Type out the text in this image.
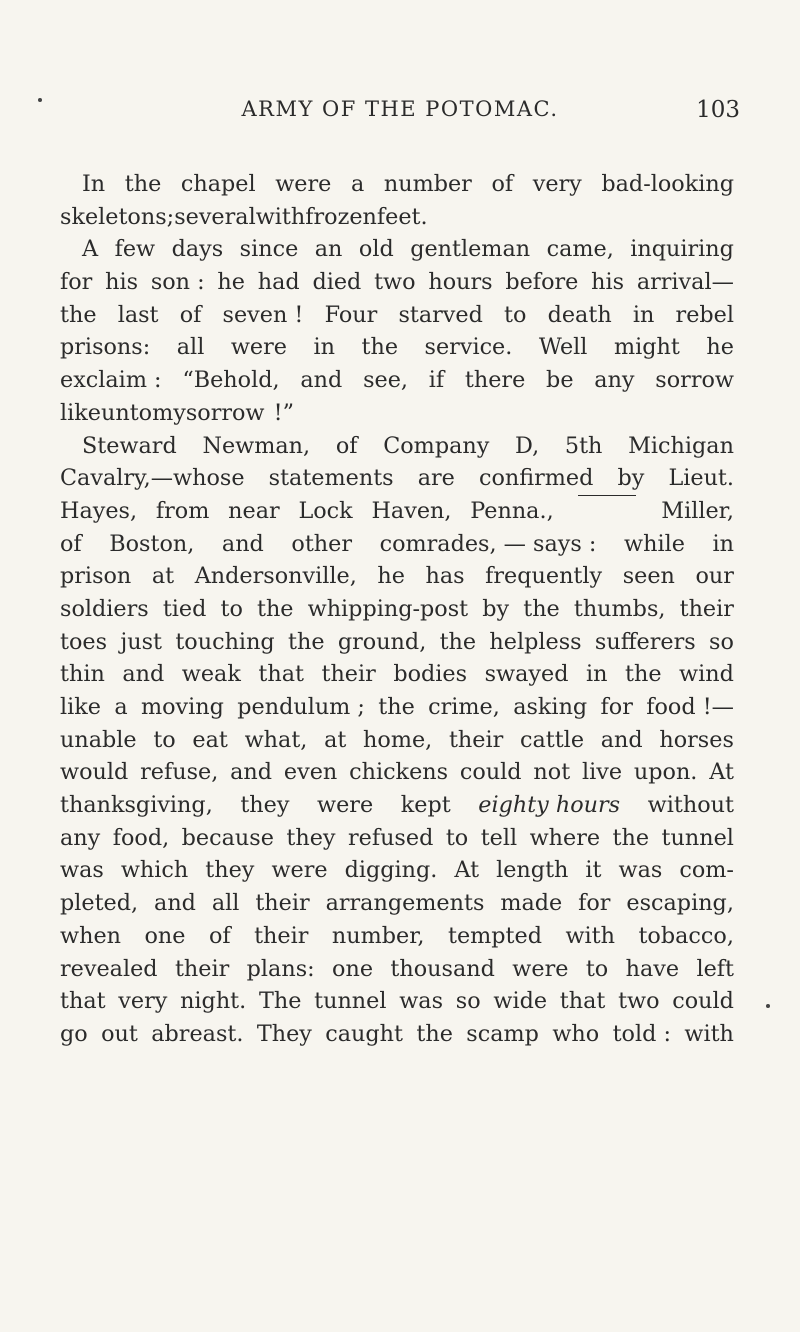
ARMY OF THE POTOMAC.	103
In the chapel were a number of very bad-looking
skeletons; several with frozen feet.
A few days since an old gentleman came, inquiring
for his son : he had died two hours before his arrival—
the last of seven ! Four starved to death in rebel
prisons: all were in the service. Well might he
exclaim : “Behold, and see, if there be any sorrow
like unto my sorrow !”
Steward Newman, of Company D, 5th Michigan
Cavalry,—whose statements are confirmed by Lieut.
Hayes, from near Lock Haven, Penna.,	Miller,
of Boston, and other comrades, — says : while in
prison at Andersonville, he has frequently seen our
soldiers tied to the whipping-post by the thumbs, their
toes just touching the ground, the helpless sufferers so
thin and weak that their bodies swayed in the wind
like a moving pendulum ; the crime, asking for food !—
unable to eat what, at home, their cattle and horses
would refuse, and even chickens could not live upon. At
thanksgiving, they were kept eighty hours without
any food, because they refused to tell where the tunnel
was which they were digging. At length it was com-
pleted, and all their arrangements made for escaping,
when one of their number, tempted with tobacco,
revealed their plans: one thousand were to have left
that very night. The tunnel was so wide that two could
go out abreast. They caught the scamp who told : with
